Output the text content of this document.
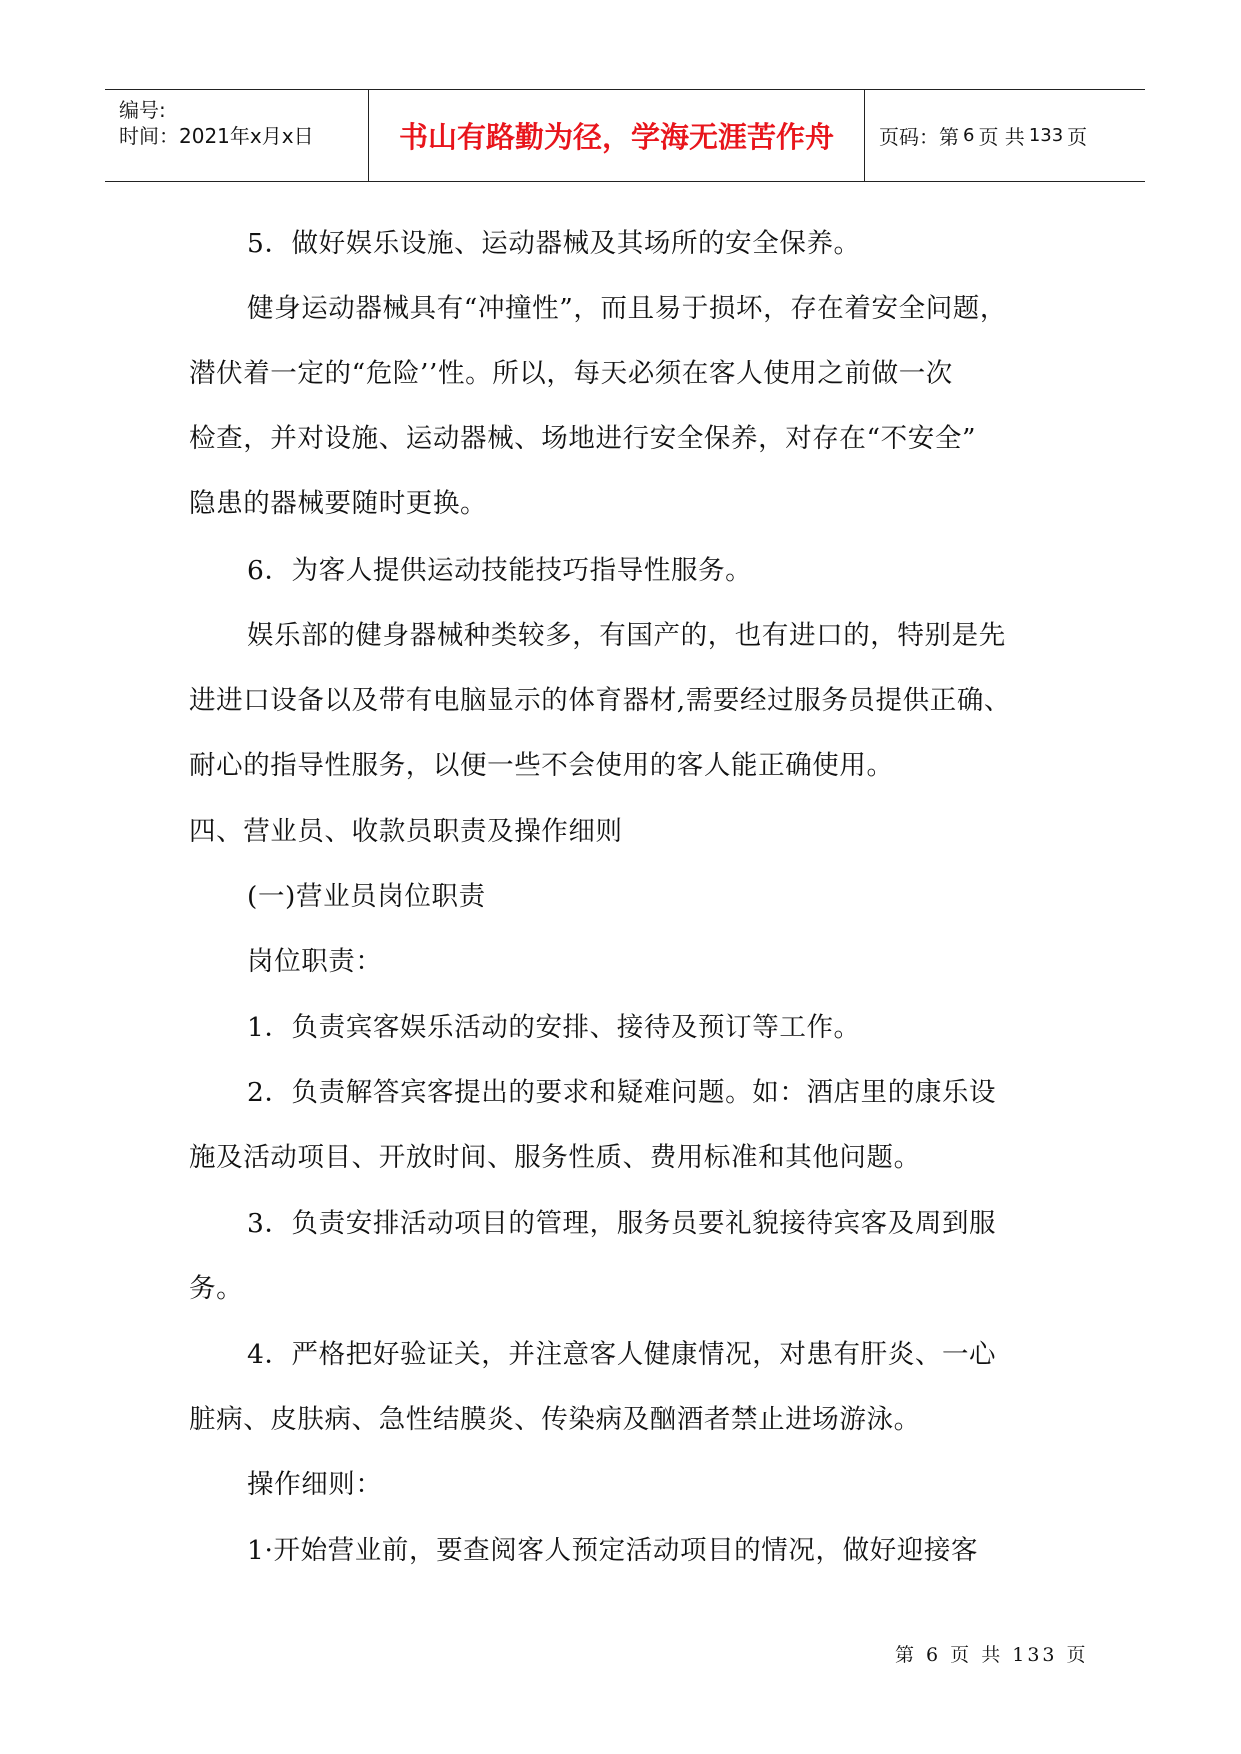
编号:
时间：2021年x月x日	书山有路勤为径，学海无涯苦作舟	页码：第 6 页 共 133 页
5．做好娱乐设施、运动器械及其场所的安全保养。
健身运动器械具有“冲撞性”，而且易于损坏，存在着安全问题，
潜伏着一定的“危险’’性。所以，每天必须在客人使用之前做一次
检查，并对设施、运动器械、场地进行安全保养，对存在“不安全”
隐患的器械要随时更换。
6．为客人提供运动技能技巧指导性服务。
娱乐部的健身器械种类较多，有国产的，也有进口的，特别是先
进进口设备以及带有电脑显示的体育器材,需要经过服务员提供正确、
耐心的指导性服务，以便一些不会使用的客人能正确使用。
四、营业员、收款员职责及操作细则
(一)营业员岗位职责
岗位职责：
1．负责宾客娱乐活动的安排、接待及预订等工作。
2．负责解答宾客提出的要求和疑难问题。如：酒店里的康乐设
施及活动项目、开放时间、服务性质、费用标准和其他问题。
3．负责安排活动项目的管理，服务员要礼貌接待宾客及周到服
务。
4．严格把好验证关，并注意客人健康情况，对患有肝炎、一心
脏病、皮肤病、急性结膜炎、传染病及酗酒者禁止进场游泳。
操作细则：
1·开始营业前，要查阅客人预定活动项目的情况，做好迎接客
第 6 页 共 133 页
